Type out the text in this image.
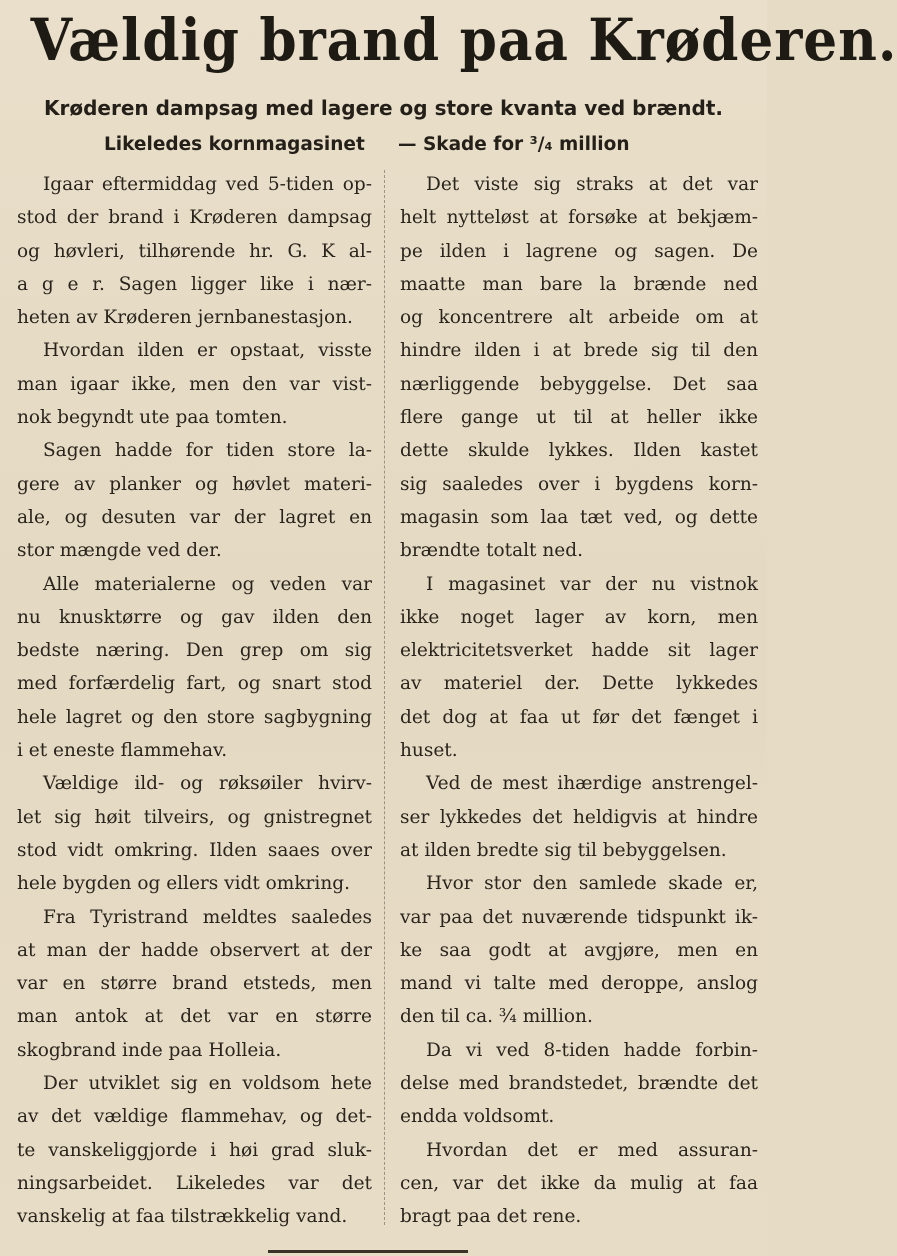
Vældig brand paa Krøderen.
Krøderen dampsag med lagere og store kvanta ved brændt.
Likeledes kornmagasinet — Skade for ³/₄ million
Igaar eftermiddag ved 5-tiden op-
stod der brand i Krøderen dampsag
og høvleri, tilhørende hr. G. K al-
a g e r. Sagen ligger like i nær-
heten av Krøderen jernbanestasjon.
Hvordan ilden er opstaat, visste
man igaar ikke, men den var vist-
nok begyndt ute paa tomten.
Sagen hadde for tiden store la-
gere av planker og høvlet materi-
ale, og desuten var der lagret en
stor mængde ved der.
Alle materialerne og veden var
nu knusktørre og gav ilden den
bedste næring. Den grep om sig
med forfærdelig fart, og snart stod
hele lagret og den store sagbygning
i et eneste flammehav.
Vældige ild- og røksøiler hvirv-
let sig høit tilveirs, og gnistregnet
stod vidt omkring. Ilden saaes over
hele bygden og ellers vidt omkring.
Fra Tyristrand meldtes saaledes
at man der hadde observert at der
var en større brand etsteds, men
man antok at det var en større
skogbrand inde paa Holleia.
Der utviklet sig en voldsom hete
av det vældige flammehav, og det-
te vanskeliggjorde i høi grad sluk-
ningsarbeidet. Likeledes var det
vanskelig at faa tilstrækkelig vand.
Det viste sig straks at det var
helt nytteløst at forsøke at bekjæm-
pe ilden i lagrene og sagen. De
maatte man bare la brænde ned
og koncentrere alt arbeide om at
hindre ilden i at brede sig til den
nærliggende bebyggelse. Det saa
flere gange ut til at heller ikke
dette skulde lykkes. Ilden kastet
sig saaledes over i bygdens korn-
magasin som laa tæt ved, og dette
brændte totalt ned.
I magasinet var der nu vistnok
ikke noget lager av korn, men
elektricitetsverket hadde sit lager
av materiel der. Dette lykkedes
det dog at faa ut før det fænget i
huset.
Ved de mest ihærdige anstrengel-
ser lykkedes det heldigvis at hindre
at ilden bredte sig til bebyggelsen.
Hvor stor den samlede skade er,
var paa det nuværende tidspunkt ik-
ke saa godt at avgjøre, men en
mand vi talte med deroppe, anslog
den til ca. ¾ million.
Da vi ved 8-tiden hadde forbin-
delse med brandstedet, brændte det
endda voldsomt.
Hvordan det er med assuran-
cen, var det ikke da mulig at faa
bragt paa det rene.
